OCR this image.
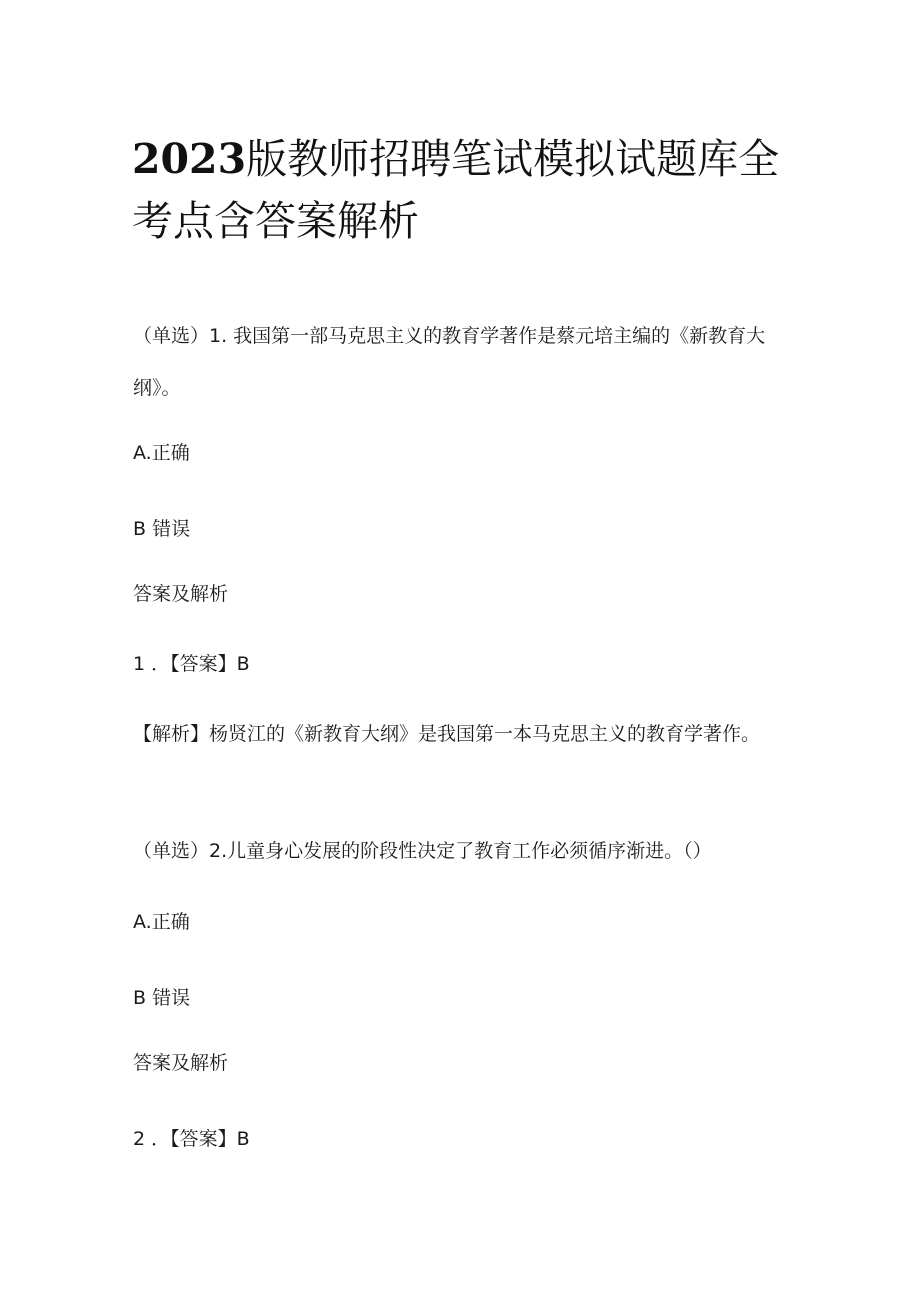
2023版教师招聘笔试模拟试题库全考点含答案解析

（单选）1. 我国第一部马克思主义的教育学著作是蔡元培主编的《新教育大纲》。

A.正确

B 错误

答案及解析

1 ．【答案】B

【解析】杨贤江的《新教育大纲》是我国第一本马克思主义的教育学著作。

（单选）2.儿童身心发展的阶段性决定了教育工作必须循序渐进。（）

A.正确

B 错误

答案及解析

2 ．【答案】B
